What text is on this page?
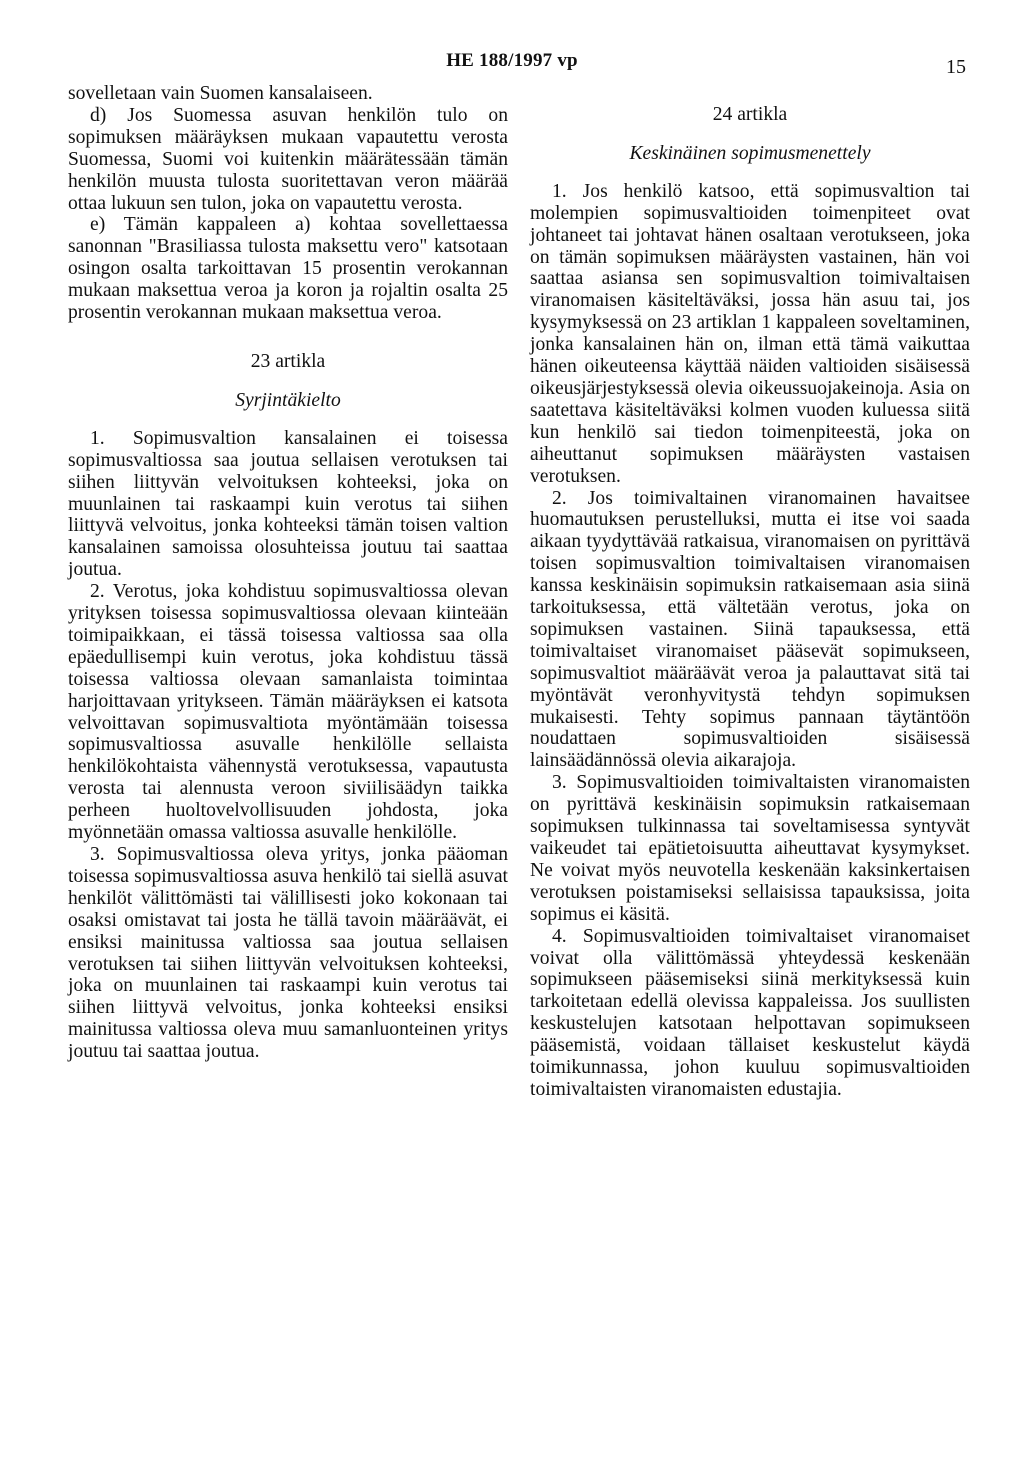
HE 188/1997 vp	15

sovelletaan vain Suomen kansalaiseen.

d) Jos Suomessa asuvan henkilön tulo on sopimuksen määräyksen mukaan vapautettu verosta Suomessa, Suomi voi kuitenkin määrätessään tämän henkilön muusta tulosta suoritettavan veron määrää ottaa lukuun sen tulon, joka on vapautettu verosta.

e) Tämän kappaleen a) kohtaa sovellettaessa sanonnan "Brasiliassa tulosta maksettu vero" katsotaan osingon osalta tarkoittavan 15 prosentin verokannan mukaan maksettua veroa ja koron ja rojaltin osalta 25 prosentin verokannan mukaan maksettua veroa.

23 artikla
Syrjintäkielto

1. Sopimusvaltion kansalainen ei toisessa sopimusvaltiossa saa joutua sellaisen verotuksen tai siihen liittyvän velvoituksen kohteeksi, joka on muunlainen tai raskaampi kuin verotus tai siihen liittyvä velvoitus, jonka kohteeksi tämän toisen valtion kansalainen samoissa olosuhteissa joutuu tai saattaa joutua.

2. Verotus, joka kohdistuu sopimusvaltiossa olevan yrityksen toisessa sopimusvaltiossa olevaan kiinteään toimipaikkaan, ei tässä toisessa valtiossa saa olla epäedullisempi kuin verotus, joka kohdistuu tässä toisessa valtiossa olevaan samanlaista toimintaa harjoittavaan yritykseen. Tämän määräyksen ei katsota velvoittavan sopimusvaltiota myöntämään toisessa sopimusvaltiossa asuvalle henkilölle sellaista henkilökohtaista vähennystä verotuksessa, vapautusta verosta tai alennusta veroon siviilisäädyn taikka perheen huoltovelvollisuuden johdosta, joka myönnetään omassa valtiossa asuvalle henkilölle.

3. Sopimusvaltiossa oleva yritys, jonka pääoman toisessa sopimusvaltiossa asuva henkilö tai siellä asuvat henkilöt välittömästi tai välillisesti joko kokonaan tai osaksi omistavat tai josta he tällä tavoin määräävät, ei ensiksi mainitussa valtiossa saa joutua sellaisen verotuksen tai siihen liittyvän velvoituksen kohteeksi, joka on muunlainen tai raskaampi kuin verotus tai siihen liittyvä velvoitus, jonka kohteeksi ensiksi mainitussa valtiossa oleva muu samanluonteinen yritys joutuu tai saattaa joutua.

24 artikla
Keskinäinen sopimusmenettely

1. Jos henkilö katsoo, että sopimusvaltion tai molempien sopimusvaltioiden toimenpiteet ovat johtaneet tai johtavat hänen osaltaan verotukseen, joka on tämän sopimuksen määräysten vastainen, hän voi saattaa asiansa sen sopimusvaltion toimivaltaisen viranomaisen käsiteltäväksi, jossa hän asuu tai, jos kysymyksessä on 23 artiklan 1 kappaleen soveltaminen, jonka kansalainen hän on, ilman että tämä vaikuttaa hänen oikeuteensa käyttää näiden valtioiden sisäisessä oikeusjärjestyksessä olevia oikeussuojakeinoja. Asia on saatettava käsiteltäväksi kolmen vuoden kuluessa siitä kun henkilö sai tiedon toimenpiteestä, joka on aiheuttanut sopimuksen määräysten vastaisen verotuksen.

2. Jos toimivaltainen viranomainen havaitsee huomautuksen perustelluksi, mutta ei itse voi saada aikaan tyydyttävää ratkaisua, viranomaisen on pyrittävä toisen sopimusvaltion toimivaltaisen viranomaisen kanssa keskinäisin sopimuksin ratkaisemaan asia siinä tarkoituksessa, että vältetään verotus, joka on sopimuksen vastainen. Siinä tapauksessa, että toimivaltaiset viranomaiset pääsevät sopimukseen, sopimusvaltiot määräävät veroa ja palauttavat sitä tai myöntävät veronhyvitystä tehdyn sopimuksen mukaisesti. Tehty sopimus pannaan täytäntöön noudattaen sopimusvaltioiden sisäisessä lainsäädännössä olevia aikarajoja.

3. Sopimusvaltioiden toimivaltaisten viranomaisten on pyrittävä keskinäisin sopimuksin ratkaisemaan sopimuksen tulkinnassa tai soveltamisessa syntyvät vaikeudet tai epätietoisuutta aiheuttavat kysymykset. Ne voivat myös neuvotella keskenään kaksinkertaisen verotuksen poistamiseksi sellaisissa tapauksissa, joita sopimus ei käsitä.

4. Sopimusvaltioiden toimivaltaiset viranomaiset voivat olla välittömässä yhteydessä keskenään sopimukseen pääsemiseksi siinä merkityksessä kuin tarkoitetaan edellä olevissa kappaleissa. Jos suullisten keskustelujen katsotaan helpottavan sopimukseen pääsemistä, voidaan tällaiset keskustelut käydä toimikunnassa, johon kuuluu sopimusvaltioiden toimivaltaisten viranomaisten edustajia.
